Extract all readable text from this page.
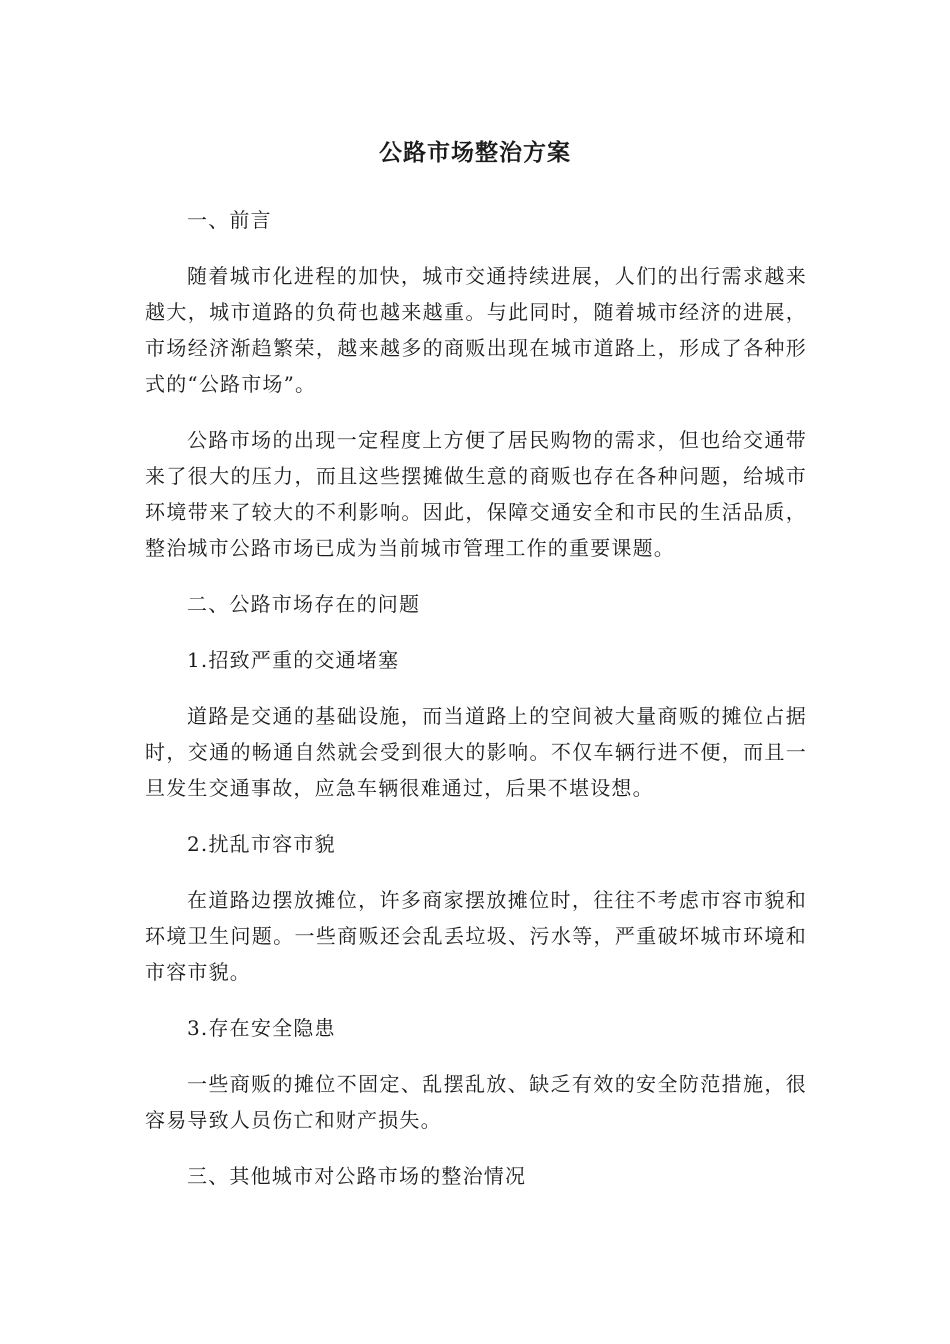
公路市场整治方案

一、前言

随着城市化进程的加快，城市交通持续进展，人们的出行需求越来越大，城市道路的负荷也越来越重。与此同时，随着城市经济的进展，市场经济渐趋繁荣，越来越多的商贩出现在城市道路上，形成了各种形式的“公路市场”。

公路市场的出现一定程度上方便了居民购物的需求，但也给交通带来了很大的压力，而且这些摆摊做生意的商贩也存在各种问题，给城市环境带来了较大的不利影响。因此，保障交通安全和市民的生活品质，整治城市公路市场已成为当前城市管理工作的重要课题。

二、公路市场存在的问题

1.招致严重的交通堵塞

道路是交通的基础设施，而当道路上的空间被大量商贩的摊位占据时，交通的畅通自然就会受到很大的影响。不仅车辆行进不便，而且一旦发生交通事故，应急车辆很难通过，后果不堪设想。

2.扰乱市容市貌

在道路边摆放摊位，许多商家摆放摊位时，往往不考虑市容市貌和环境卫生问题。一些商贩还会乱丢垃圾、污水等，严重破坏城市环境和市容市貌。

3.存在安全隐患

一些商贩的摊位不固定、乱摆乱放、缺乏有效的安全防范措施，很容易导致人员伤亡和财产损失。

三、其他城市对公路市场的整治情况
